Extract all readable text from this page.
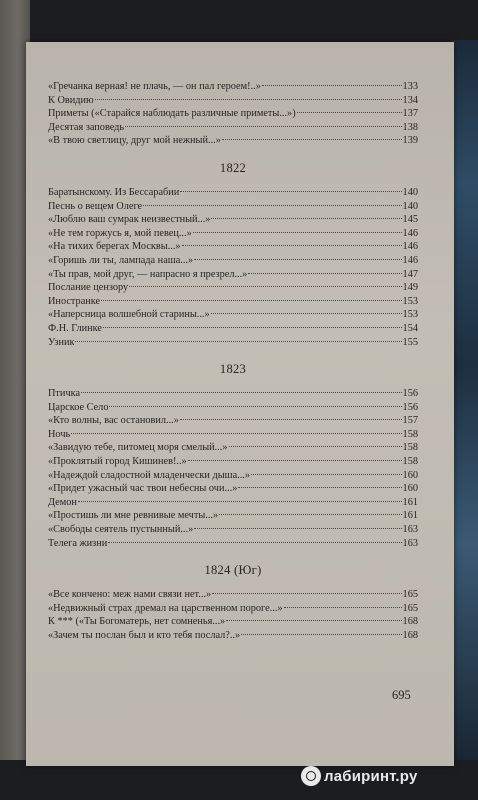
«Гречанка верная! не плачь, — он пал героем!..»	133
К Овидию	134
Приметы («Старайся наблюдать различные приметы...»)	137
Десятая заповедь	138
«В твою светлицу, друг мой нежный...»	139
1822
Баратынскому. Из Бессарабии	140
Песнь о вещем Олеге	140
«Люблю ваш сумрак неизвестный...»	145
«Не тем горжусь я, мой певец...»	146
«На тихих берегах Москвы...»	146
«Горишь ли ты, лампада наша...»	146
«Ты прав, мой друг, — напрасно я презрел...»	147
Послание цензору	149
Иностранке	153
«Наперсница волшебной старины...»	153
Ф.Н. Глинке	154
Узник	155
1823
Птичка	156
Царское Село	156
«Кто волны, вас остановил...»	157
Ночь	158
«Завидую тебе, питомец моря смелый...»	158
«Проклятый город Кишинев!..»	158
«Надеждой сладостной младенчески дыша...»	160
«Придет ужасный час твои небесны очи...»	160
Демон	161
«Простишь ли мне ревнивые мечты...»	161
«Свободы сеятель пустынный...»	163
Телега жизни	163
1824 (Юг)
«Все кончено: меж нами связи нет...»	165
«Недвижный страх дремал на царственном пороге...»	165
К *** («Ты Богоматерь, нет сомненья...»	168
«Зачем ты послан был и кто тебя послал?..»	168
695
лабиринт.ру
